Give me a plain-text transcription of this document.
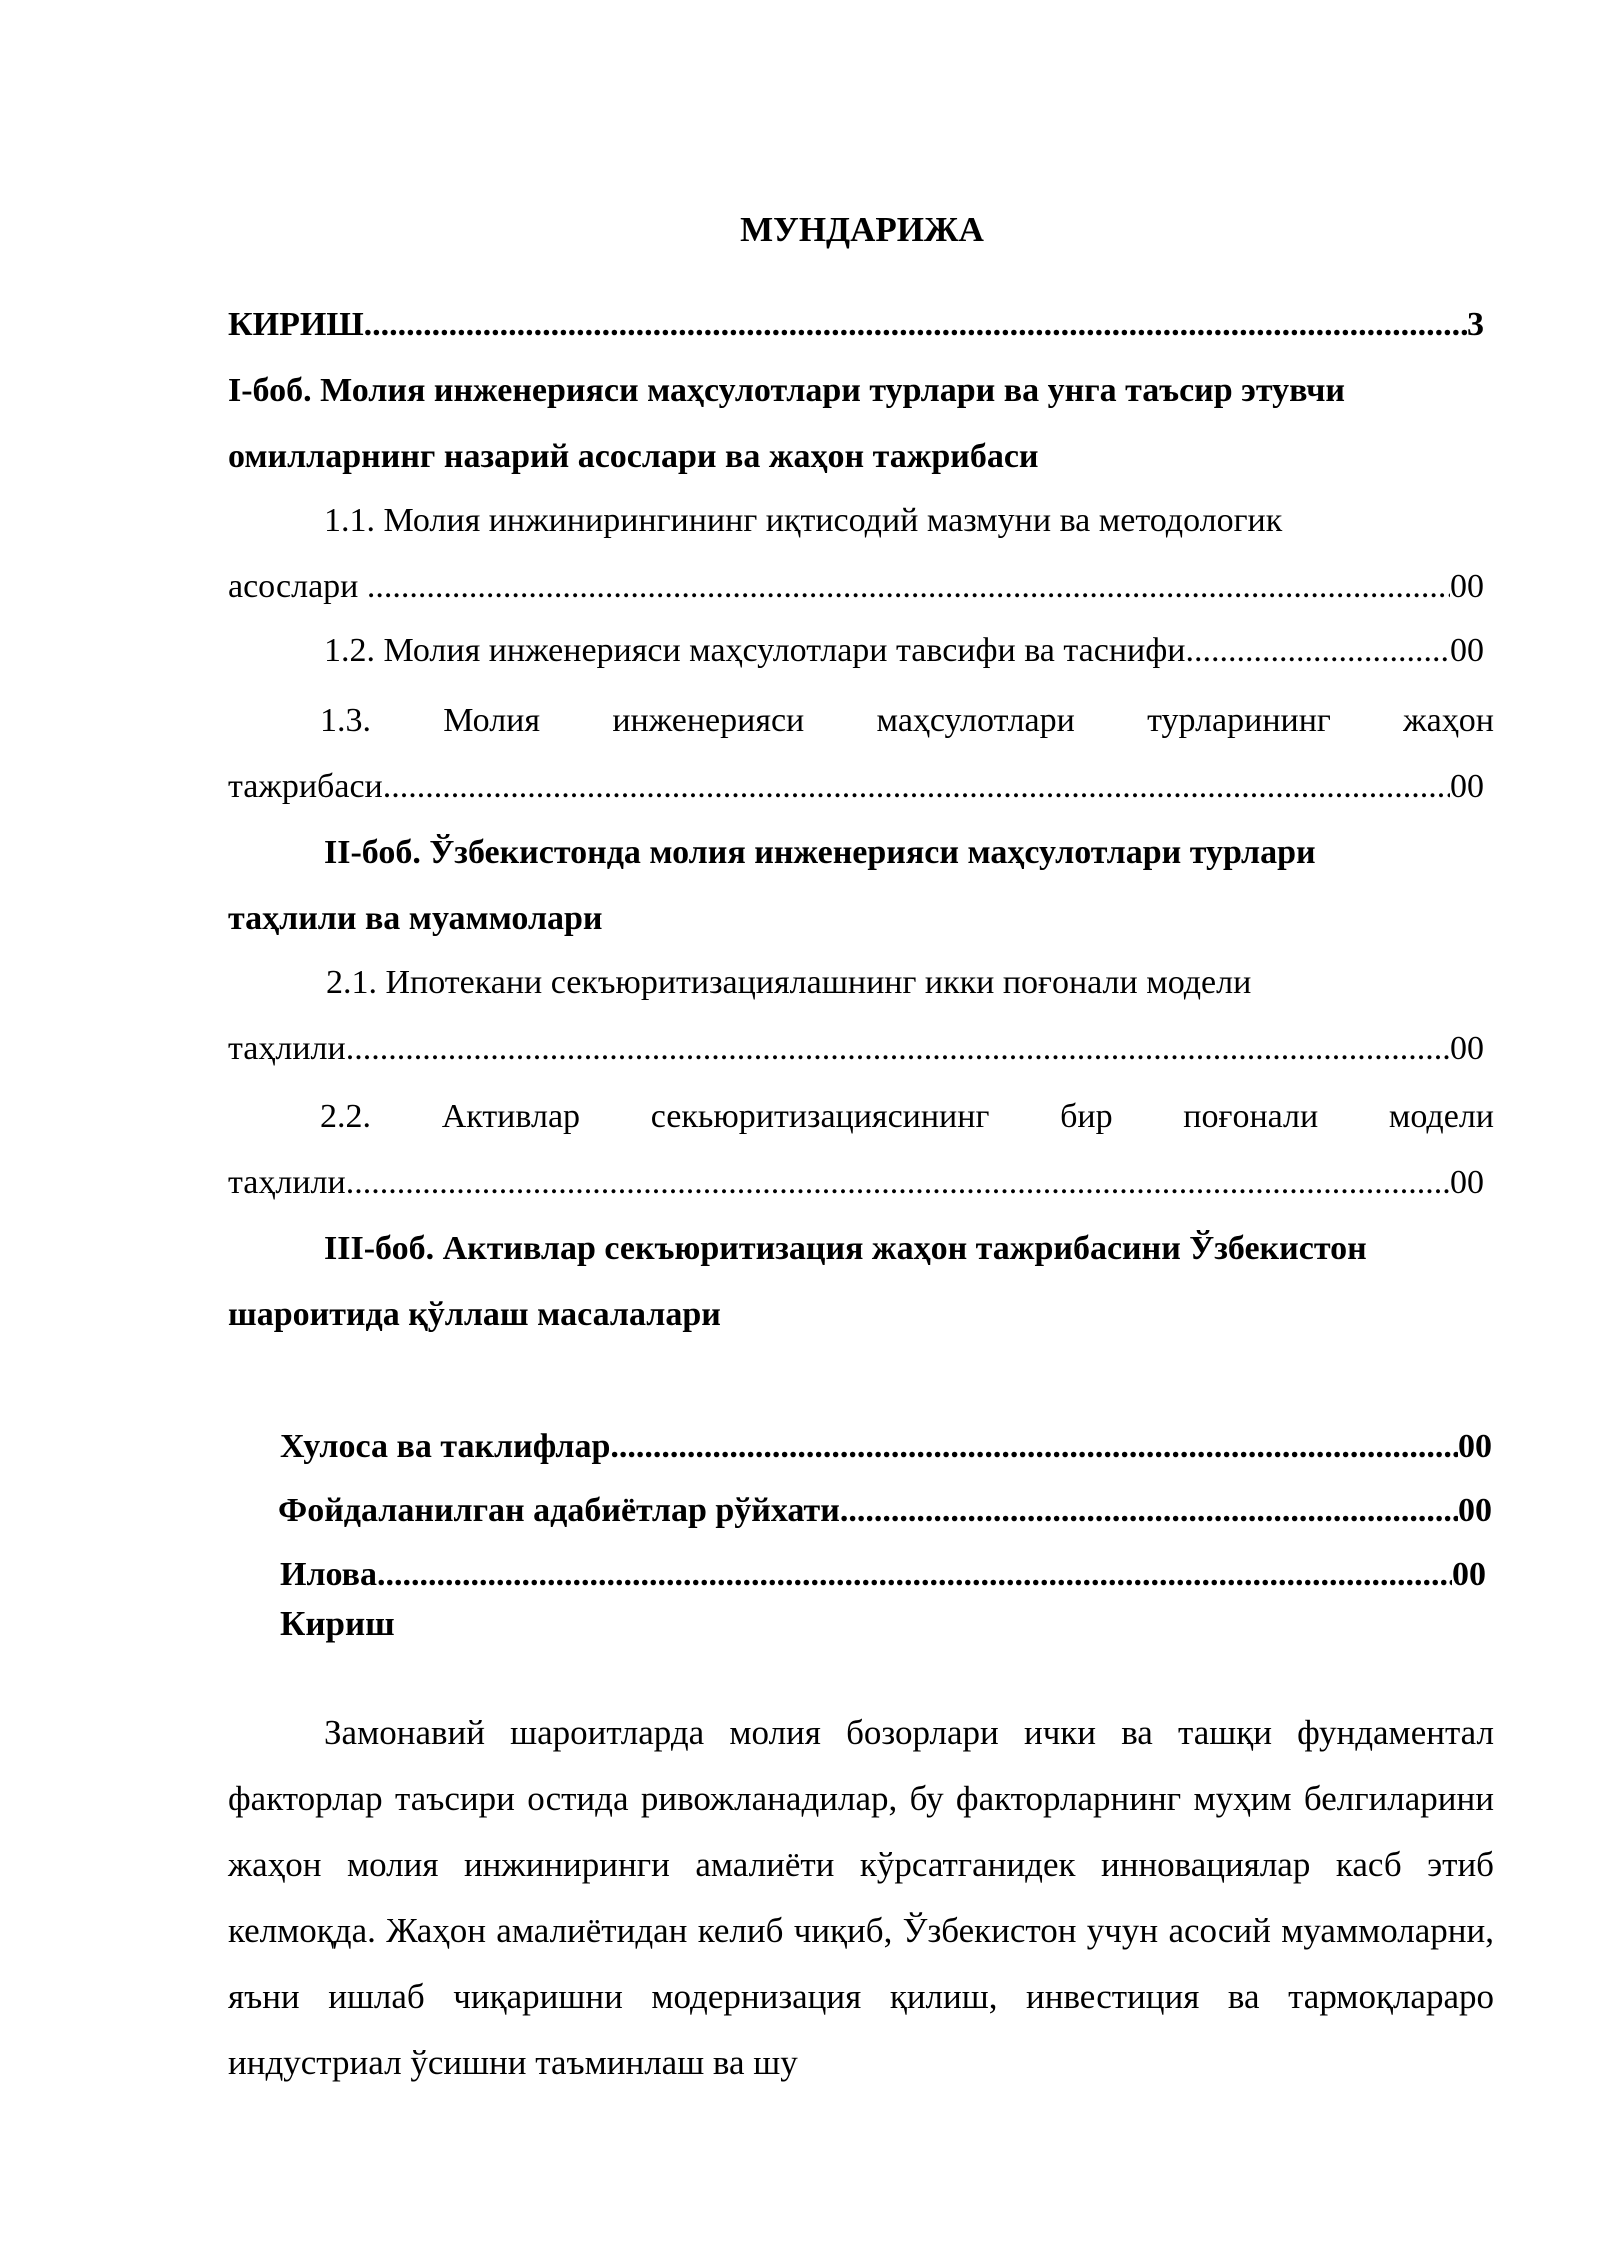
МУНДАРИЖА
КИРИШ .....	3
I-боб. Молия инженерияси маҳсулотлари турлари ва унга таъсир этувчи
омилларнинг назарий асослари ва жаҳон тажрибаси
1.1. Молия инжинирингининг иқтисодий мазмуни ва методологик
асослари ... .....	00
1.2. Молия инженерияси маҳсулотлари тавсифи ва таснифи .....	00
1.3. Молия инженерияси маҳсулотлари турларининг жаҳон
тажрибаси .....	00
II-боб. Ўзбекистонда молия инженерияси маҳсулотлари турлари
таҳлили ва муаммолари
2.1. Ипотекани секъюритизациялашнинг икки поғонали модели
таҳлили .....	00
2.2. Активлар секьюритизациясининг бир поғонали модели
таҳлили .....	00
III-боб. Активлар секъюритизация жаҳон тажрибасини Ўзбекистон
шароитида қўллаш масалалари
Хулоса ва таклифлар .....	00
Фойдаланилган адабиётлар рўйхати .....	00
Илова .....	00
Кириш
Замонавий шароитларда молия бозорлари ички ва ташқи фундаментал факторлар таъсири остида ривожланадилар, бу факторларнинг муҳим белгиларини жаҳон молия инжиниринги амалиёти кўрсатганидек инновациялар касб этиб келмоқда. Жаҳон амалиётидан келиб чиқиб, Ўзбекистон учун асосий муаммоларни, яъни ишлаб чиқаришни модернизация қилиш, инвестиция ва тармоқлараро индустриал ўсишни таъминлаш ва шу
